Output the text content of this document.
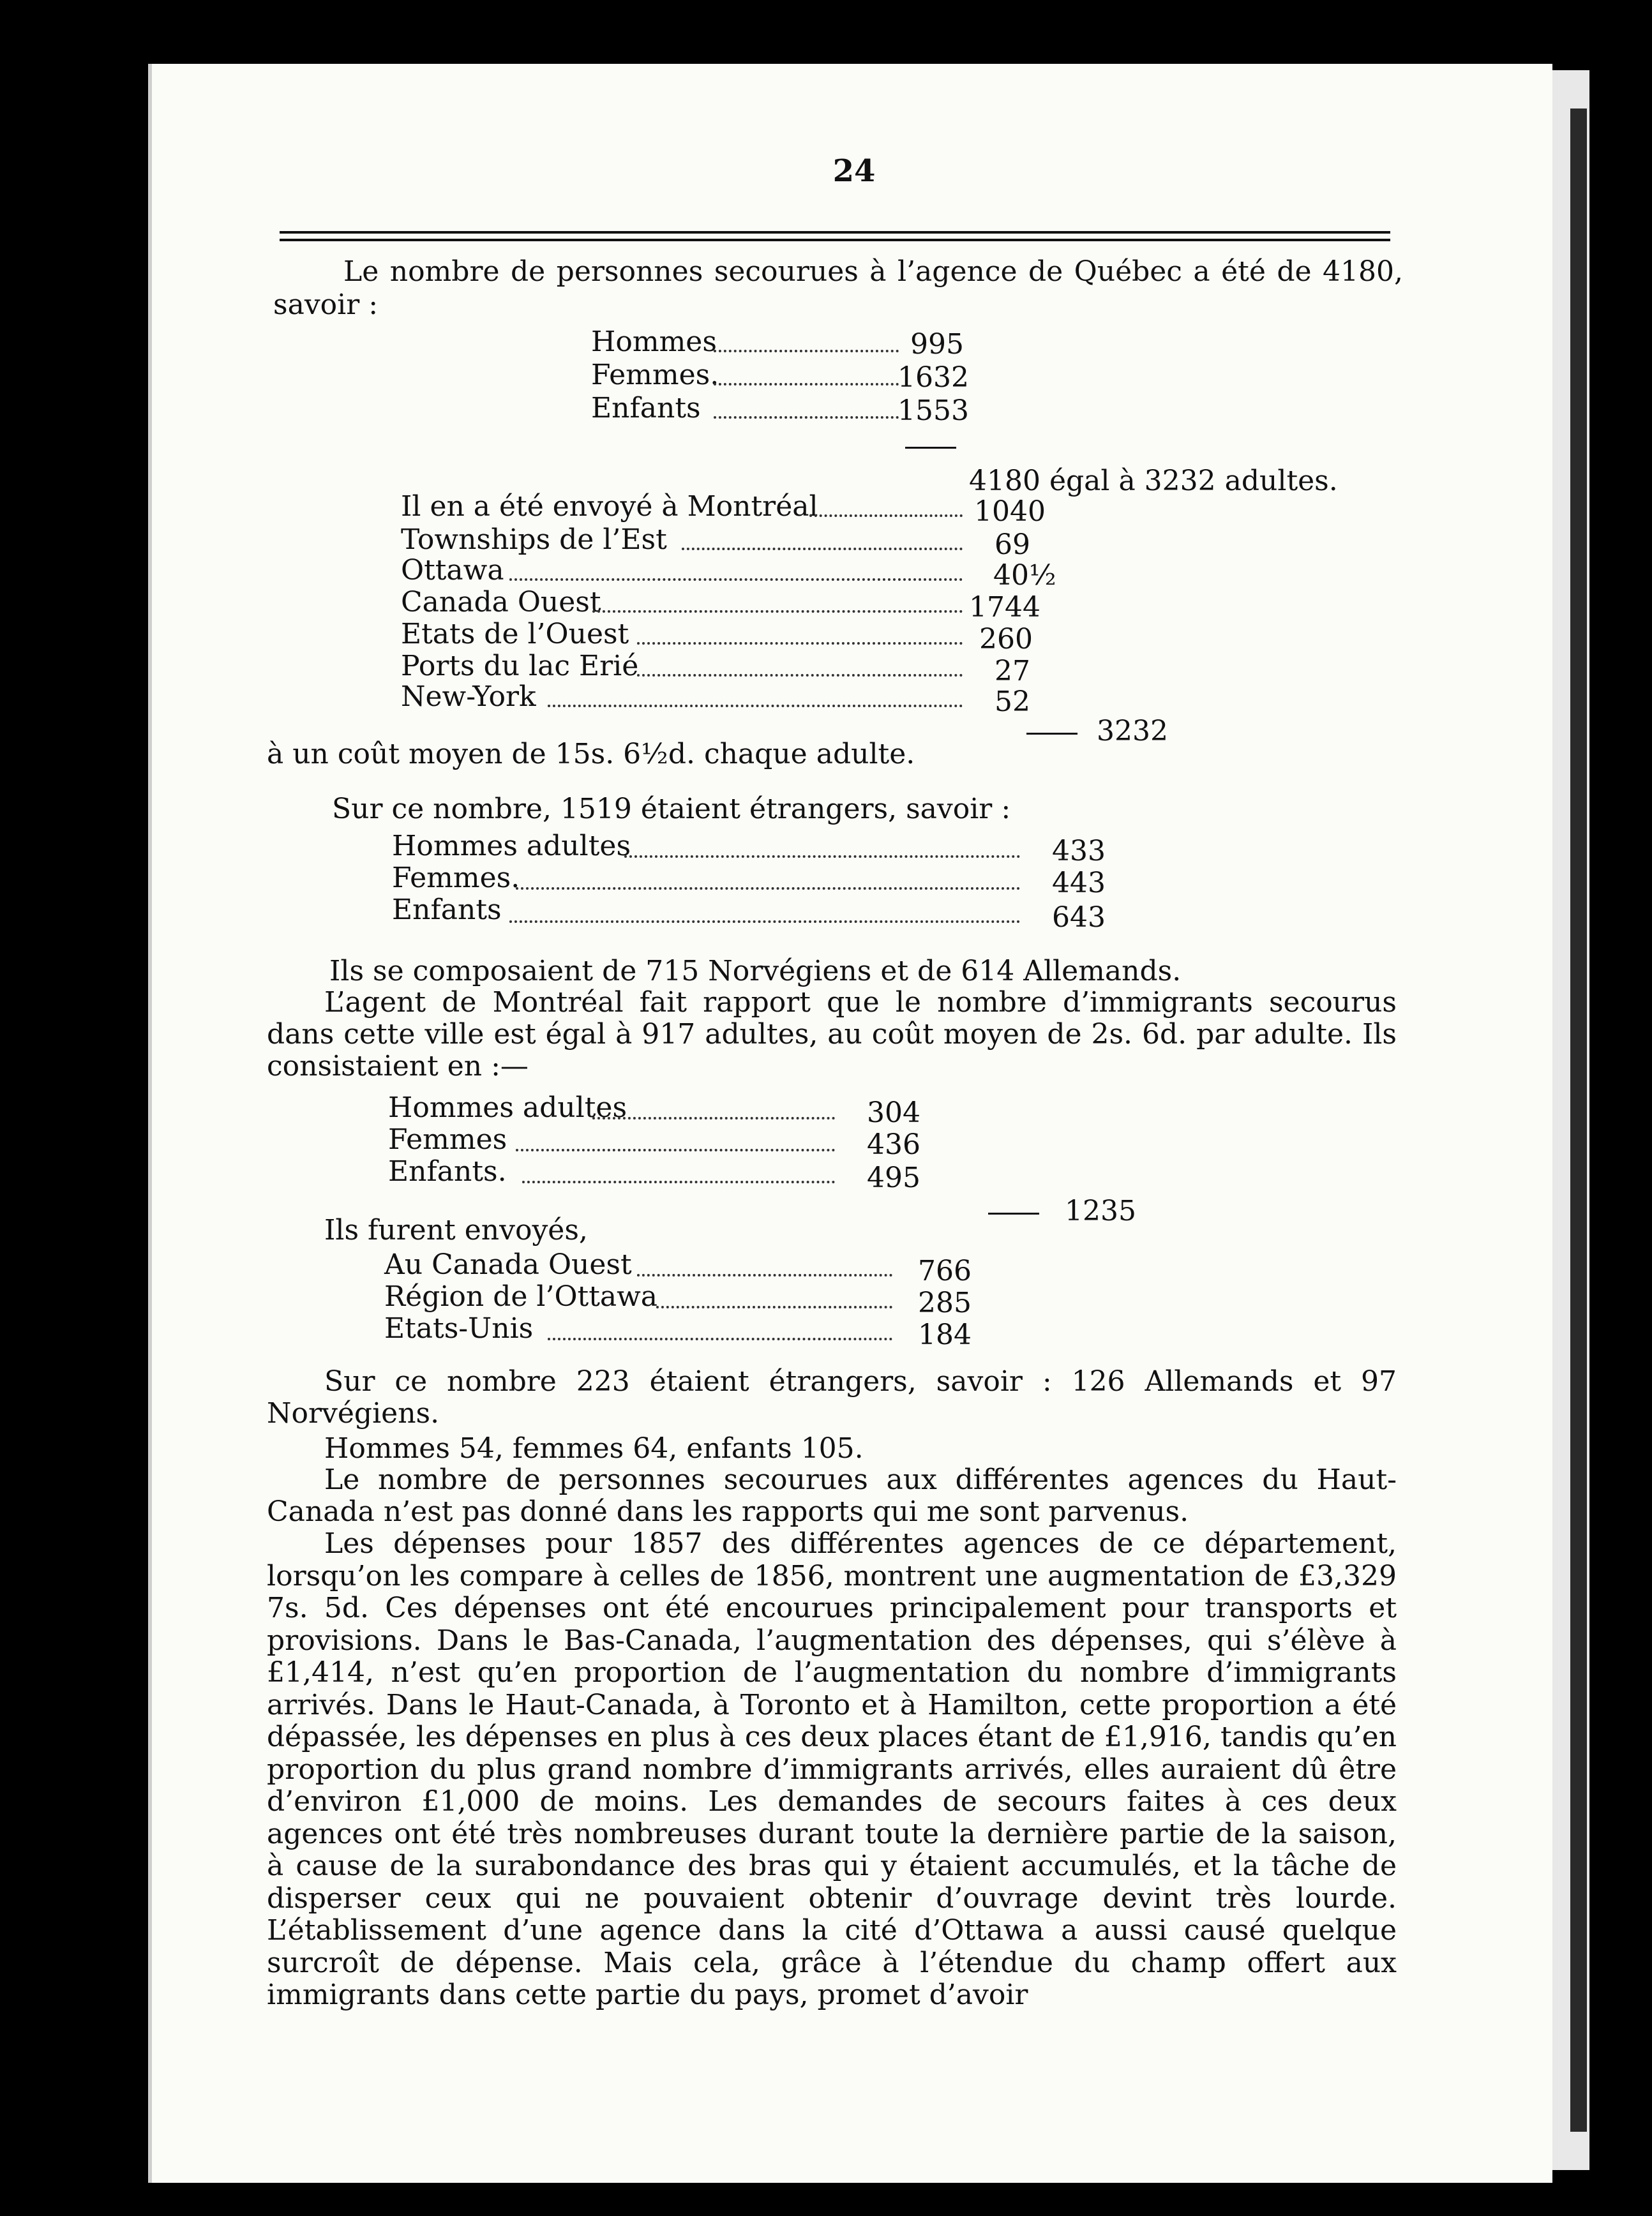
24
Le nombre de personnes secourues à l’agence de Québec a été de 4180,
savoir :
Hommes	995
Femmes.	1632
Enfants	1553
4180 égal à 3232 adultes.
Il en a été envoyé à Montréal	1040
Townships de l’Est	69
Ottawa	40½
Canada Ouest	1744
Etats de l’Ouest	260
Ports du lac Erié	27
New-York	52
3232
à un coût moyen de 15s. 6½d. chaque adulte.
Sur ce nombre, 1519 étaient étrangers, savoir :
Hommes adultes	433
Femmes.	443
Enfants	643
Ils se composaient de 715 Norvégiens et de 614 Allemands.
L’agent de Montréal fait rapport que le nombre d’immigrants secourus dans cette ville est égal à 917 adultes, au coût moyen de 2s. 6d. par adulte. Ils consistaient en :—
Hommes adultes	304
Femmes	436
Enfants.	495
1235
Ils furent envoyés,
Au Canada Ouest	766
Région de l’Ottawa	285
Etats-Unis	184
Sur ce nombre 223 étaient étrangers, savoir : 126 Allemands et 97 Norvégiens.
Hommes 54, femmes 64, enfants 105.
Le nombre de personnes secourues aux différentes agences du Haut-Canada n’est pas donné dans les rapports qui me sont parvenus.
Les dépenses pour 1857 des différentes agences de ce département, lorsqu’on les compare à celles de 1856, montrent une augmentation de £3,329 7s. 5d. Ces dépenses ont été encourues principalement pour transports et provisions. Dans le Bas-Canada, l’augmentation des dépenses, qui s’élève à £1,414, n’est qu’en proportion de l’augmentation du nombre d’immigrants arrivés. Dans le Haut-Canada, à Toronto et à Hamilton, cette proportion a été dépassée, les dépenses en plus à ces deux places étant de £1,916, tandis qu’en proportion du plus grand nombre d’immigrants arrivés, elles auraient dû être d’environ £1,000 de moins. Les demandes de secours faites à ces deux agences ont été très nombreuses durant toute la dernière partie de la saison, à cause de la surabondance des bras qui y étaient accumulés, et la tâche de disperser ceux qui ne pouvaient obtenir d’ouvrage devint très lourde. L’établissement d’une agence dans la cité d’Ottawa a aussi causé quelque surcroît de dépense. Mais cela, grâce à l’étendue du champ offert aux immigrants dans cette partie du pays, promet d’avoir
